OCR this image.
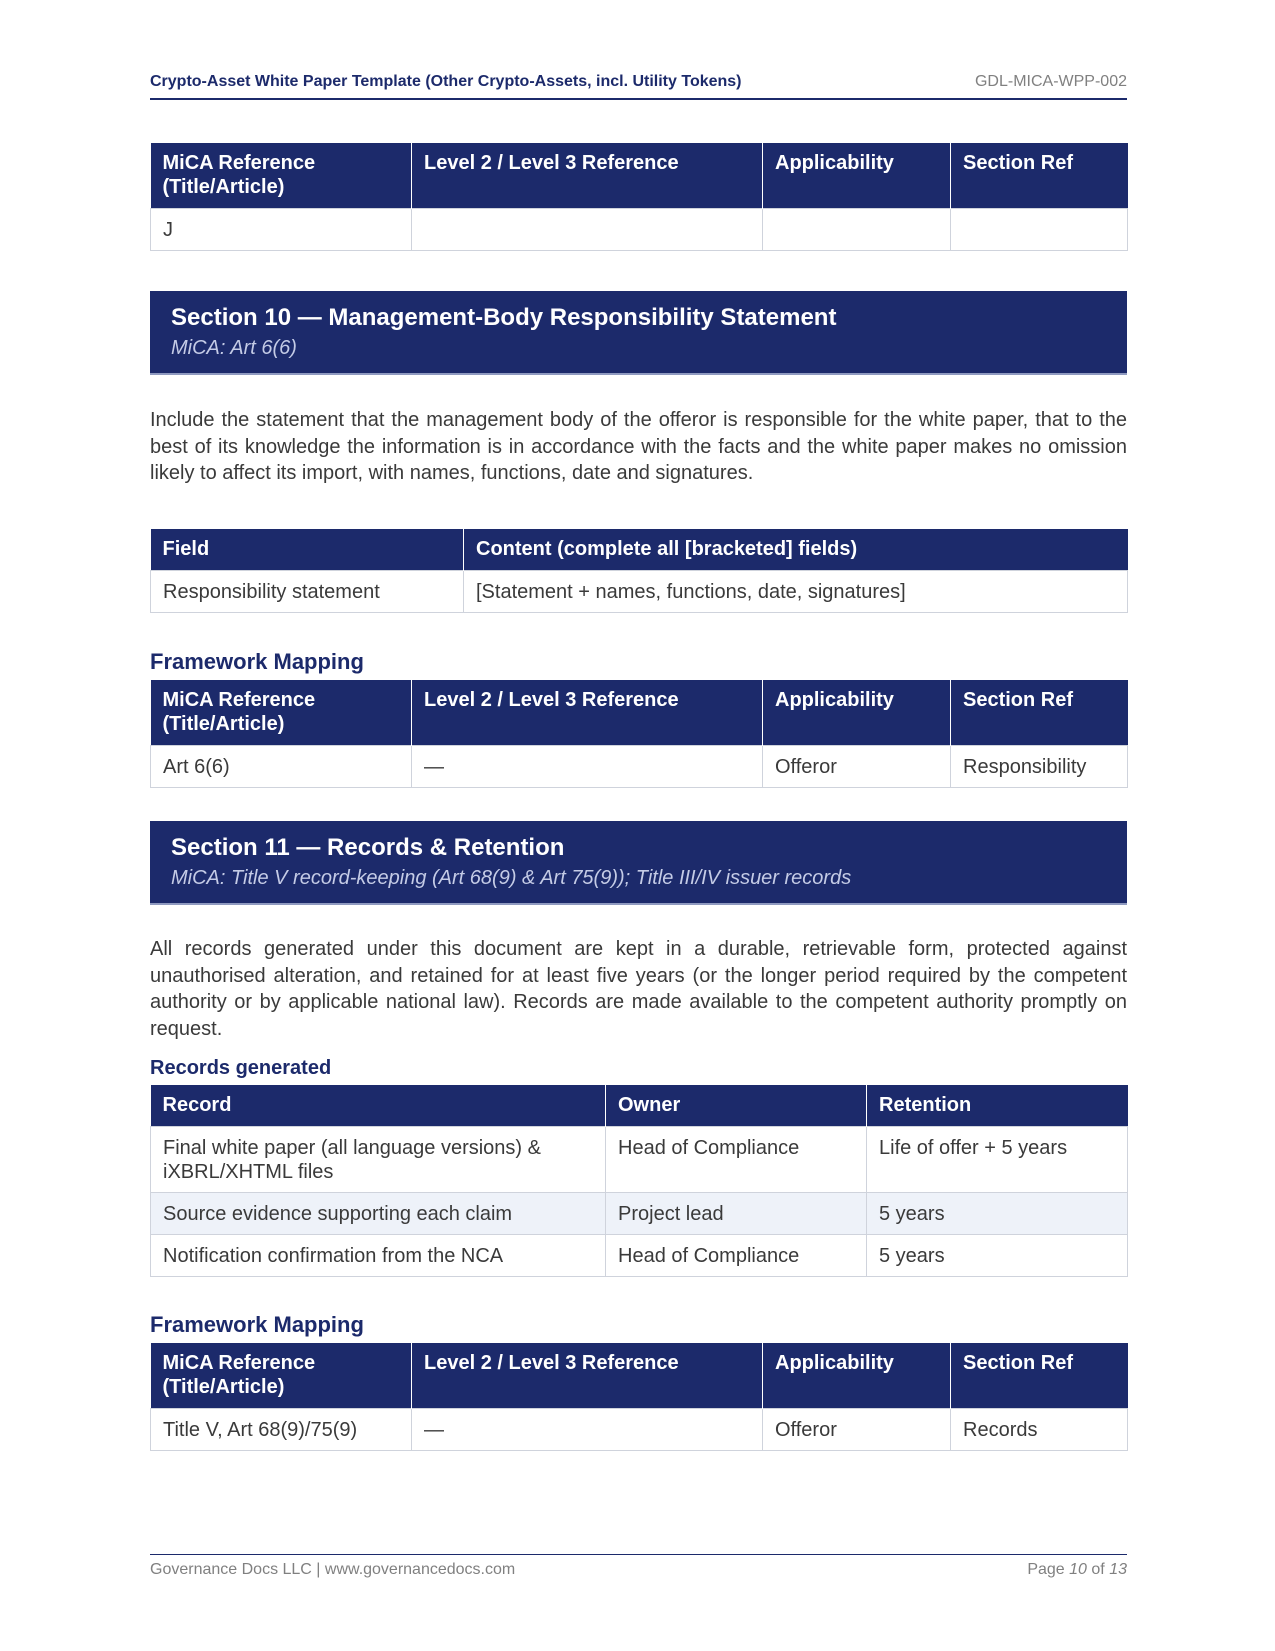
Crypto-Asset White Paper Template (Other Crypto-Assets, incl. Utility Tokens)	GDL-MICA-WPP-002
MiCA Reference (Title/Article)	Level 2 / Level 3 Reference	Applicability	Section Ref
J			
Section 10 — Management-Body Responsibility Statement
MiCA: Art 6(6)

Include the statement that the management body of the offeror is responsible for the white paper, that to the best of its knowledge the information is in accordance with the facts and the white paper makes no omission likely to affect its import, with names, functions, date and signatures.

Field	Content (complete all [bracketed] fields)
Responsibility statement	[Statement + names, functions, date, signatures]
Framework Mapping
MiCA Reference (Title/Article)	Level 2 / Level 3 Reference	Applicability	Section Ref
Art 6(6)	—	Offeror	Responsibility
Section 11 — Records & Retention
MiCA: Title V record-keeping (Art 68(9) & Art 75(9)); Title III/IV issuer records

All records generated under this document are kept in a durable, retrievable form, protected against unauthorised alteration, and retained for at least five years (or the longer period required by the competent authority or by applicable national law). Records are made available to the competent authority promptly on request.

Records generated
Record	Owner	Retention
Final white paper (all language versions) & iXBRL/XHTML files	Head of Compliance	Life of offer + 5 years
Source evidence supporting each claim	Project lead	5 years
Notification confirmation from the NCA	Head of Compliance	5 years
Framework Mapping
MiCA Reference (Title/Article)	Level 2 / Level 3 Reference	Applicability	Section Ref
Title V, Art 68(9)/75(9)	—	Offeror	Records
Governance Docs LLC | www.governancedocs.com	Page 10 of 13
